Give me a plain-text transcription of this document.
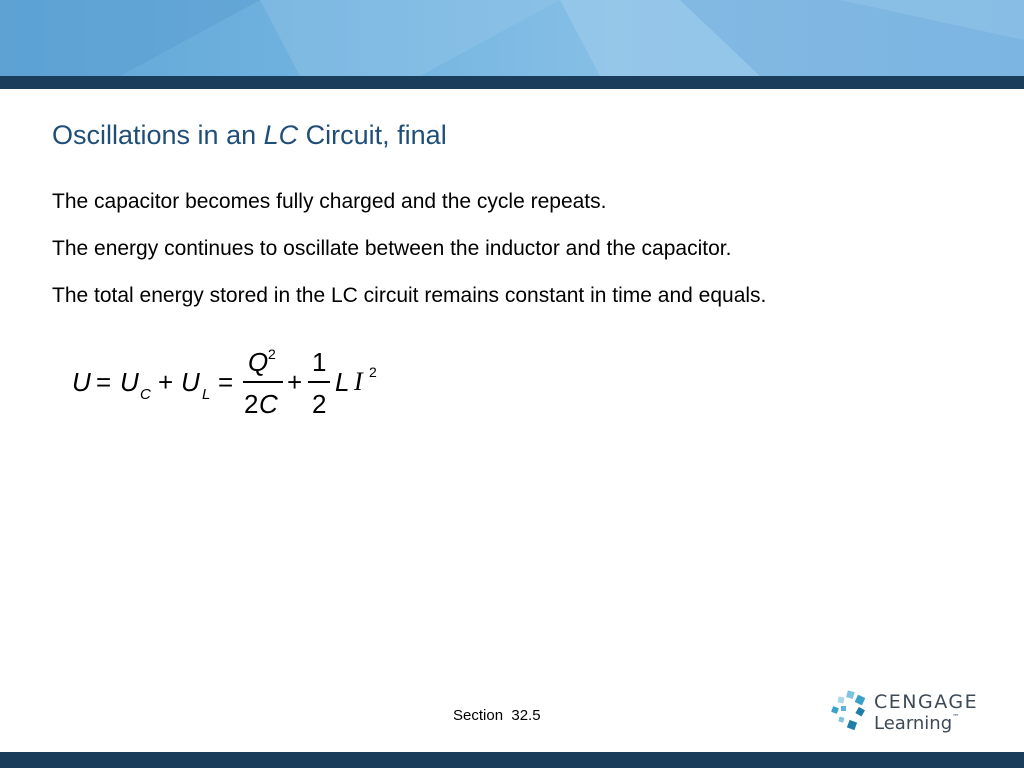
Oscillations in an LC Circuit, final
The capacitor becomes fully charged and the cycle repeats.
The energy continues to oscillate between the inductor and the capacitor.
The total energy stored in the LC circuit remains constant in time and equals.
U = U C + U L =
Q 2
2 C
+
1
2
L I 2
Section  32.5
CENGAGE
Learning™
